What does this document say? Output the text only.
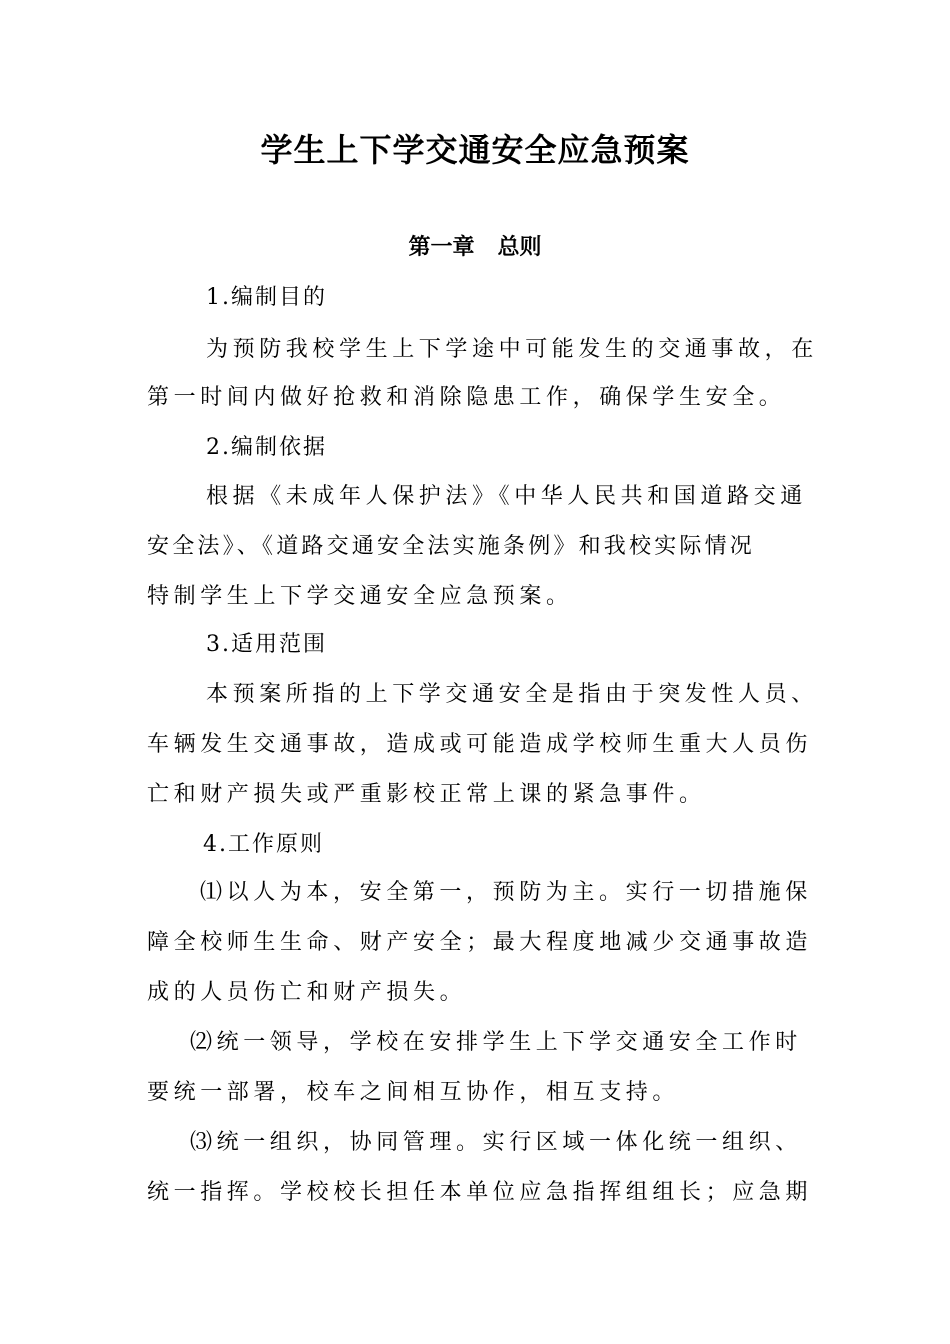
学生上下学交通安全应急预案
第一章   总则
1.编制目的
为预防我校学生上下学途中可能发生的交通事故，在
第一时间内做好抢救和消除隐患工作，确保学生安全。
2.编制依据
根据《未成年人保护法》《中华人民共和国道路交通
安全法》、《道路交通安全法实施条例》和我校实际情况
特制学生上下学交通安全应急预案。
3.适用范围
本预案所指的上下学交通安全是指由于突发性人员、
车辆发生交通事故，造成或可能造成学校师生重大人员伤
亡和财产损失或严重影校正常上课的紧急事件。
4.工作原则
⑴以人为本，安全第一，预防为主。实行一切措施保
障全校师生生命、财产安全；最大程度地减少交通事故造
成的人员伤亡和财产损失。
⑵统一领导，学校在安排学生上下学交通安全工作时
要统一部署，校车之间相互协作，相互支持。
⑶统一组织，协同管理。实行区域一体化统一组织、
统一指挥。学校校长担任本单位应急指挥组组长；应急期
